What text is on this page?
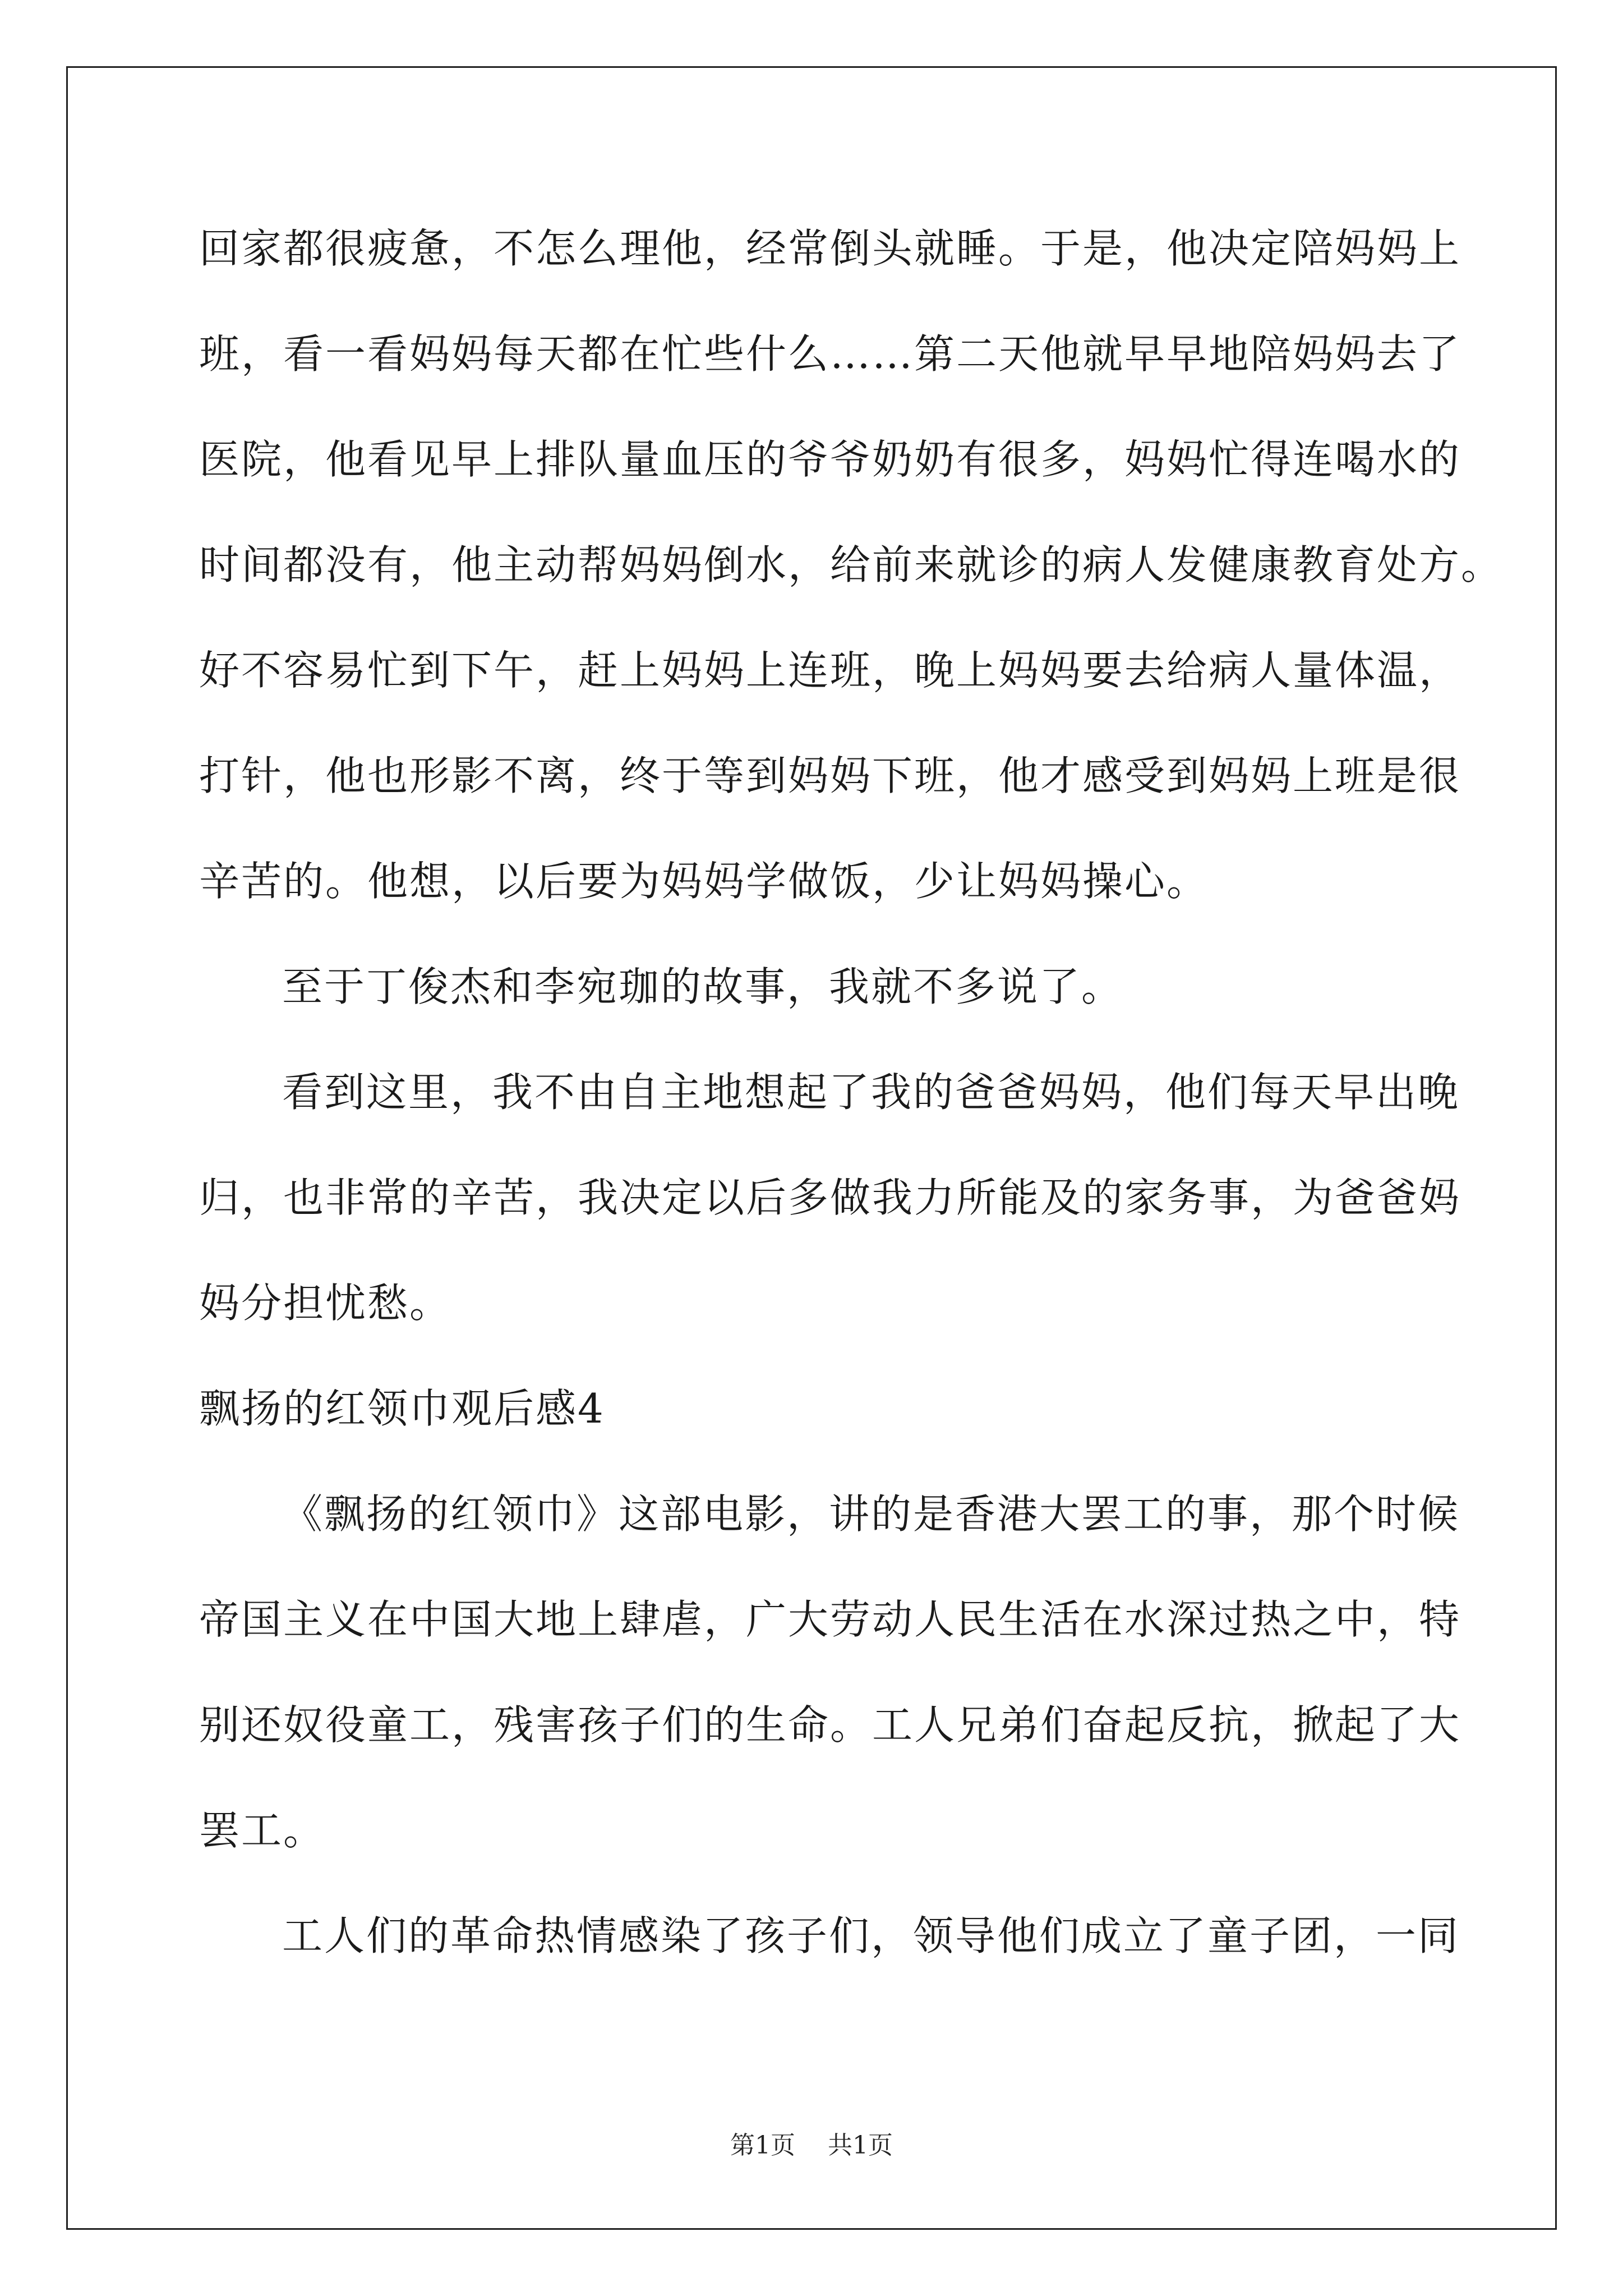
回家都很疲惫，不怎么理他，经常倒头就睡。于是，他决定陪妈妈上
班，看一看妈妈每天都在忙些什么……第二天他就早早地陪妈妈去了
医院，他看见早上排队量血压的爷爷奶奶有很多，妈妈忙得连喝水的
时间都没有，他主动帮妈妈倒水，给前来就诊的病人发健康教育处方。
好不容易忙到下午，赶上妈妈上连班，晚上妈妈要去给病人量体温，
打针，他也形影不离，终于等到妈妈下班，他才感受到妈妈上班是很
辛苦的。他想，以后要为妈妈学做饭，少让妈妈操心。
至于丁俊杰和李宛珈的故事，我就不多说了。
看到这里，我不由自主地想起了我的爸爸妈妈，他们每天早出晚
归，也非常的辛苦，我决定以后多做我力所能及的家务事，为爸爸妈
妈分担忧愁。
飘扬的红领巾观后感4
《飘扬的红领巾》这部电影，讲的是香港大罢工的事，那个时候
帝国主义在中国大地上肆虐，广大劳动人民生活在水深过热之中，特
别还奴役童工，残害孩子们的生命。工人兄弟们奋起反抗，掀起了大
罢工。
工人们的革命热情感染了孩子们，领导他们成立了童子团，一同
第1页 共1页
